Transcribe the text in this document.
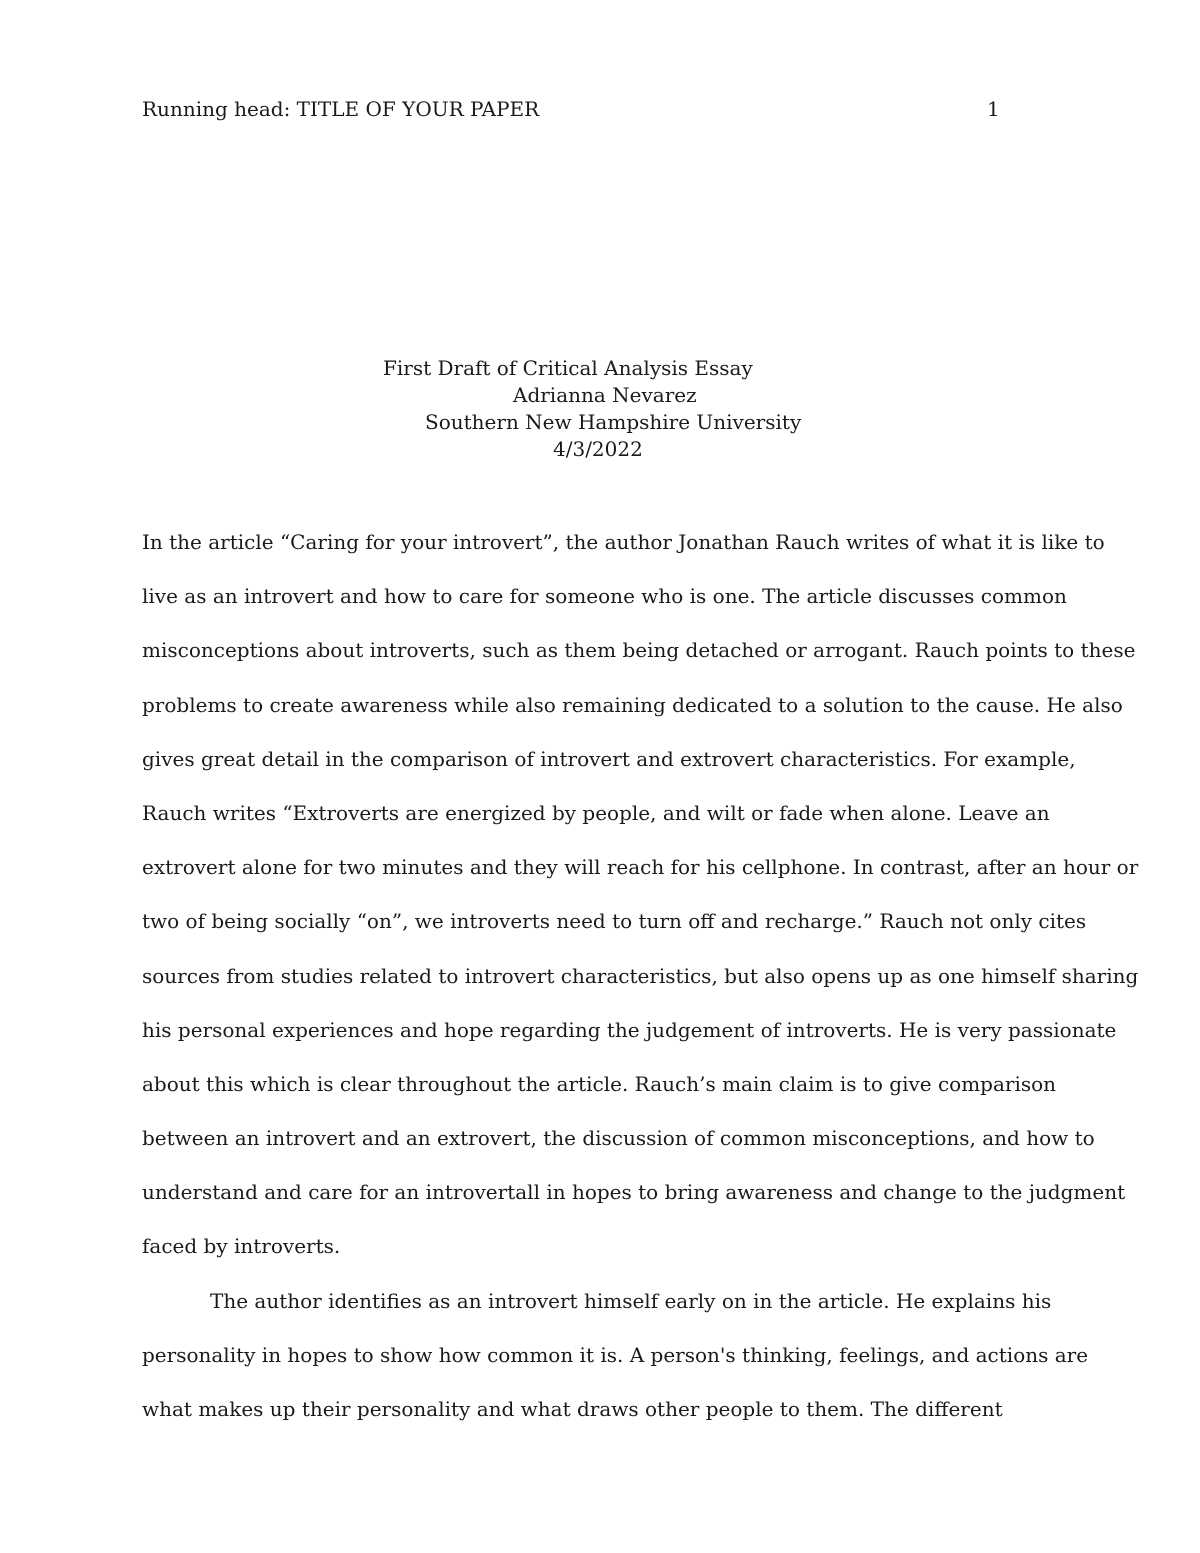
Running head: TITLE OF YOUR PAPER	1
First Draft of Critical Analysis Essay
Adrianna Nevarez
Southern New Hampshire University
4/3/2022
In the article “Caring for your introvert”, the author Jonathan Rauch writes of what it is like to
live as an introvert and how to care for someone who is one. The article discusses common
misconceptions about introverts, such as them being detached or arrogant. Rauch points to these
problems to create awareness while also remaining dedicated to a solution to the cause. He also
gives great detail in the comparison of introvert and extrovert characteristics. For example,
Rauch writes “Extroverts are energized by people, and wilt or fade when alone. Leave an
extrovert alone for two minutes and they will reach for his cellphone. In contrast, after an hour or
two of being socially “on”, we introverts need to turn off and recharge.” Rauch not only cites
sources from studies related to introvert characteristics, but also opens up as one himself sharing
his personal experiences and hope regarding the judgement of introverts. He is very passionate
about this which is clear throughout the article. Rauch’s main claim is to give comparison
between an introvert and an extrovert, the discussion of common misconceptions, and how to
understand and care for an introvertall in hopes to bring awareness and change to the judgment
faced by introverts.
The author identifies as an introvert himself early on in the article. He explains his
personality in hopes to show how common it is. A person's thinking, feelings, and actions are
what makes up their personality and what draws other people to them. The different
